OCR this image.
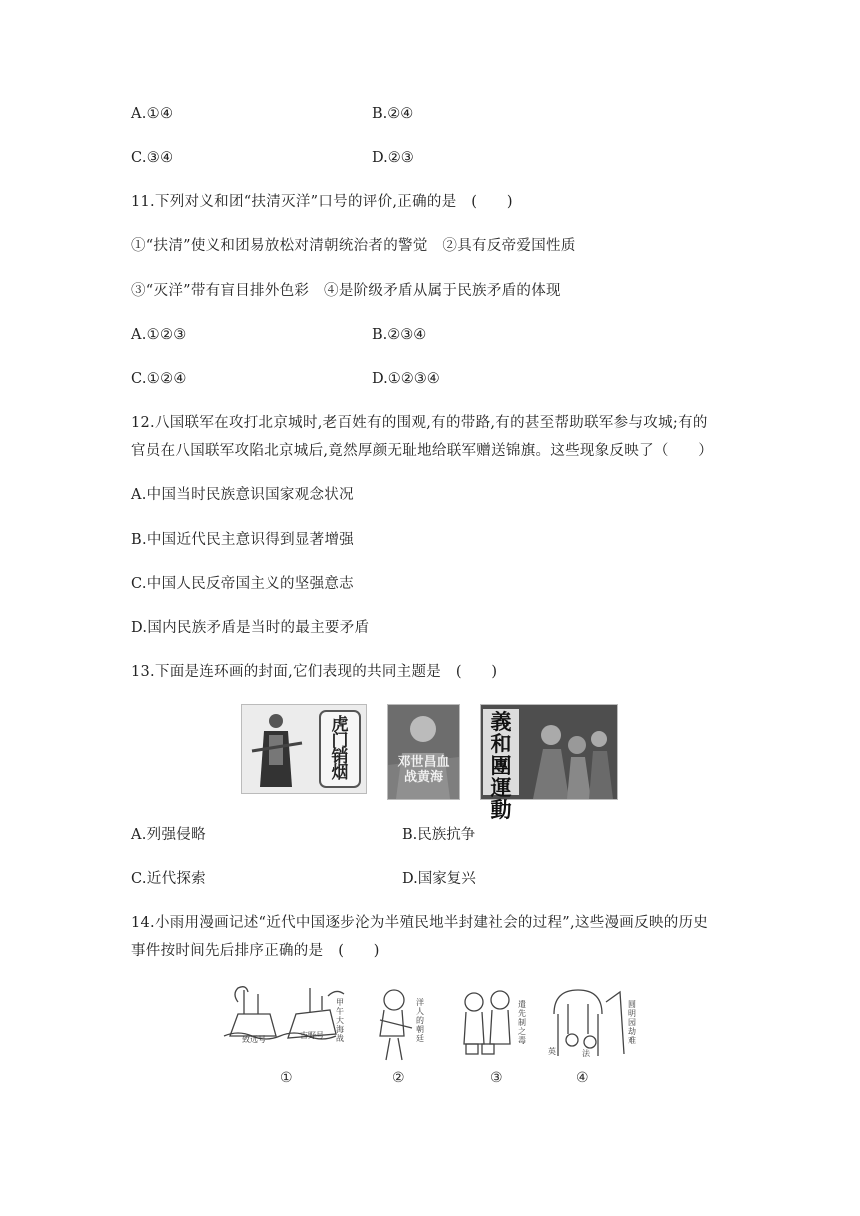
A.①④	B.②④
C.③④	D.②③
11.下列对义和团“扶清灭洋”口号的评价,正确的是　(　　)
①“扶清”使义和团易放松对清朝统治者的警觉　②具有反帝爱国性质
③“灭洋”带有盲目排外色彩　④是阶级矛盾从属于民族矛盾的体现
A.①②③	B.②③④
C.①②④	D.①②③④
12.八国联军在攻打北京城时,老百姓有的围观,有的带路,有的甚至帮助联军参与攻城;有的
官员在八国联军攻陷北京城后,竟然厚颜无耻地给联军赠送锦旗。这些现象反映了（　　）
A.中国当时民族意识国家观念状况
B.中国近代民主意识得到显著增强
C.中国人民反帝国主义的坚强意志
D.国内民族矛盾是当时的最主要矛盾
13.下面是连环画的封面,它们表现的共同主题是　(　　)
虎门销烟
邓世昌血战黄海
義和團運動
A.列强侵略	B.民族抗争
C.近代探索	D.国家复兴
14.小雨用漫画记述“近代中国逐步沦为半殖民地半封建社会的过程”,这些漫画反映的历史
事件按时间先后排序正确的是　(　　)
甲午大海战
致远号	吉野号
洋人的朝廷
遣先制之毒
圆明园劫难
英	法
①	②	③	④
